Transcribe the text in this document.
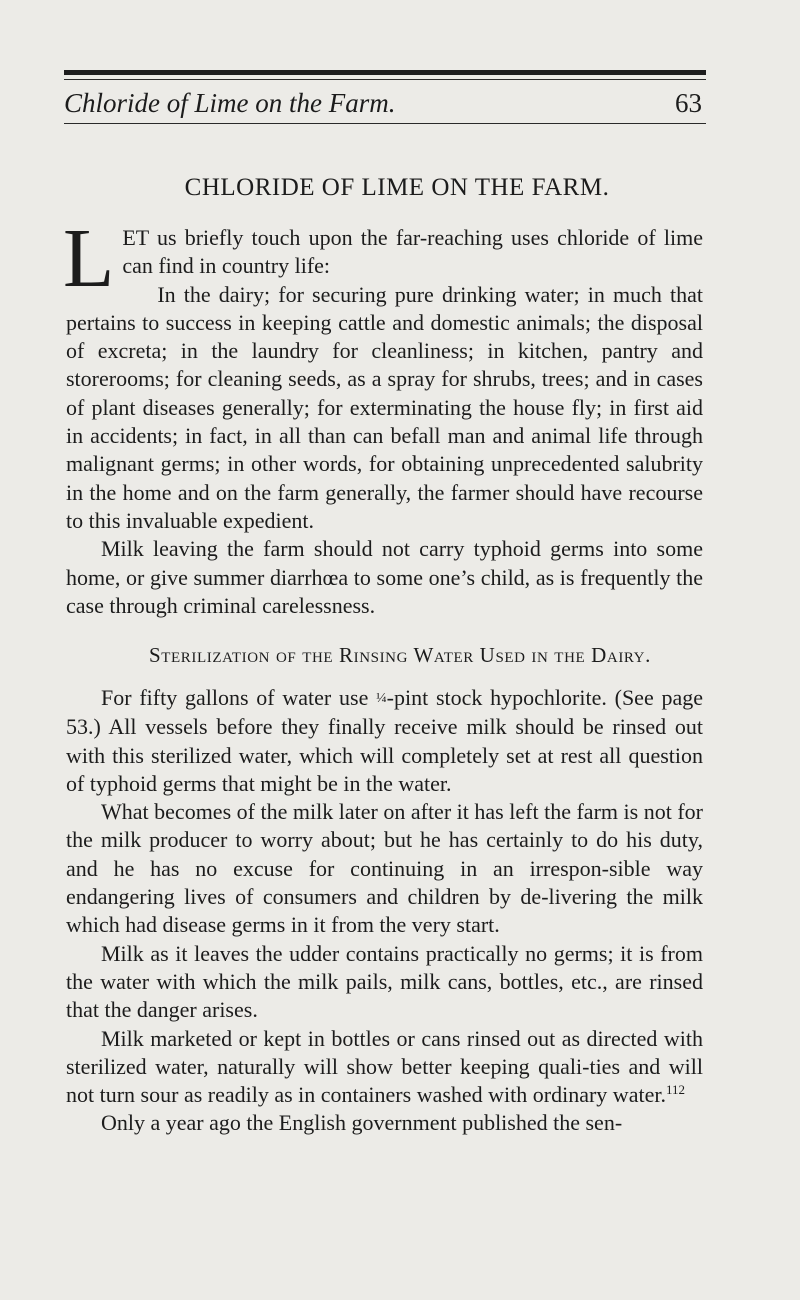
Chloride of Lime on the Farm.	63
CHLORIDE OF LIME ON THE FARM.

LET us briefly touch upon the far-reaching uses chloride of lime can find in country life:

In the dairy; for securing pure drinking water; in much that pertains to success in keeping cattle and domestic animals; the disposal of excreta; in the laundry for cleanliness; in kitchen, pantry and storerooms; for cleaning seeds, as a spray for shrubs, trees; and in cases of plant diseases generally; for exterminating the house fly; in first aid in accidents; in fact, in all than can befall man and animal life through malignant germs; in other words, for obtaining unprecedented salubrity in the home and on the farm generally, the farmer should have recourse to this invaluable expedient.

Milk leaving the farm should not carry typhoid germs into some home, or give summer diarrhœa to some one’s child, as is frequently the case through criminal carelessness.

Sterilization of the Rinsing Water Used in the Dairy.

For fifty gallons of water use ¼-pint stock hypochlorite. (See page 53.) All vessels before they finally receive milk should be rinsed out with this sterilized water, which will completely set at rest all question of typhoid germs that might be in the water.

What becomes of the milk later on after it has left the farm is not for the milk producer to worry about; but he has certainly to do his duty, and he has no excuse for continuing in an irrespon-sible way endangering lives of consumers and children by de-livering the milk which had disease germs in it from the very start.

Milk as it leaves the udder contains practically no germs; it is from the water with which the milk pails, milk cans, bottles, etc., are rinsed that the danger arises.

Milk marketed or kept in bottles or cans rinsed out as directed with sterilized water, naturally will show better keeping quali-ties and will not turn sour as readily as in containers washed with ordinary water.$^{112}$

Only a year ago the English government published the sen-
